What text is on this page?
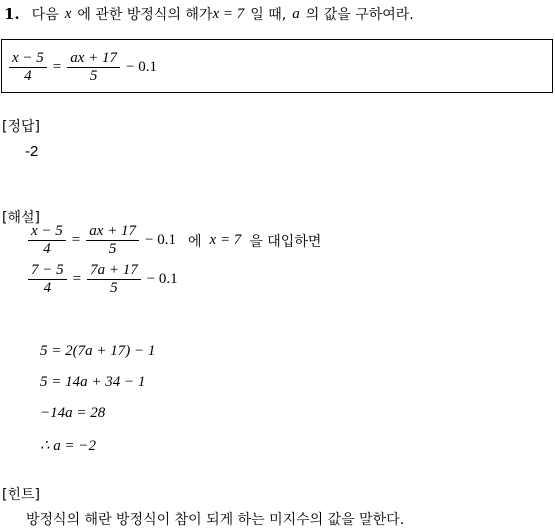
1. 다음 x 에 관한 방정식의 해가 x = 7 일 때, a 의 값을 구하여라.
$\frac{x - 5}{4} = \frac{ax + 17}{5} - 0.1$
[정답]
-2
[해설]
$\frac{x - 5}{4} = \frac{ax + 17}{5} - 0.1$ 에 x = 7 을 대입하면
$\frac{7 - 5}{4} = \frac{7a + 17}{5} - 0.1$
5 = 2(7a + 17) − 1
5 = 14a + 34 − 1
−14a = 28
∴ a = −2
[힌트]
방정식의 해란 방정식이 참이 되게 하는 미지수의 값을 말한다.
